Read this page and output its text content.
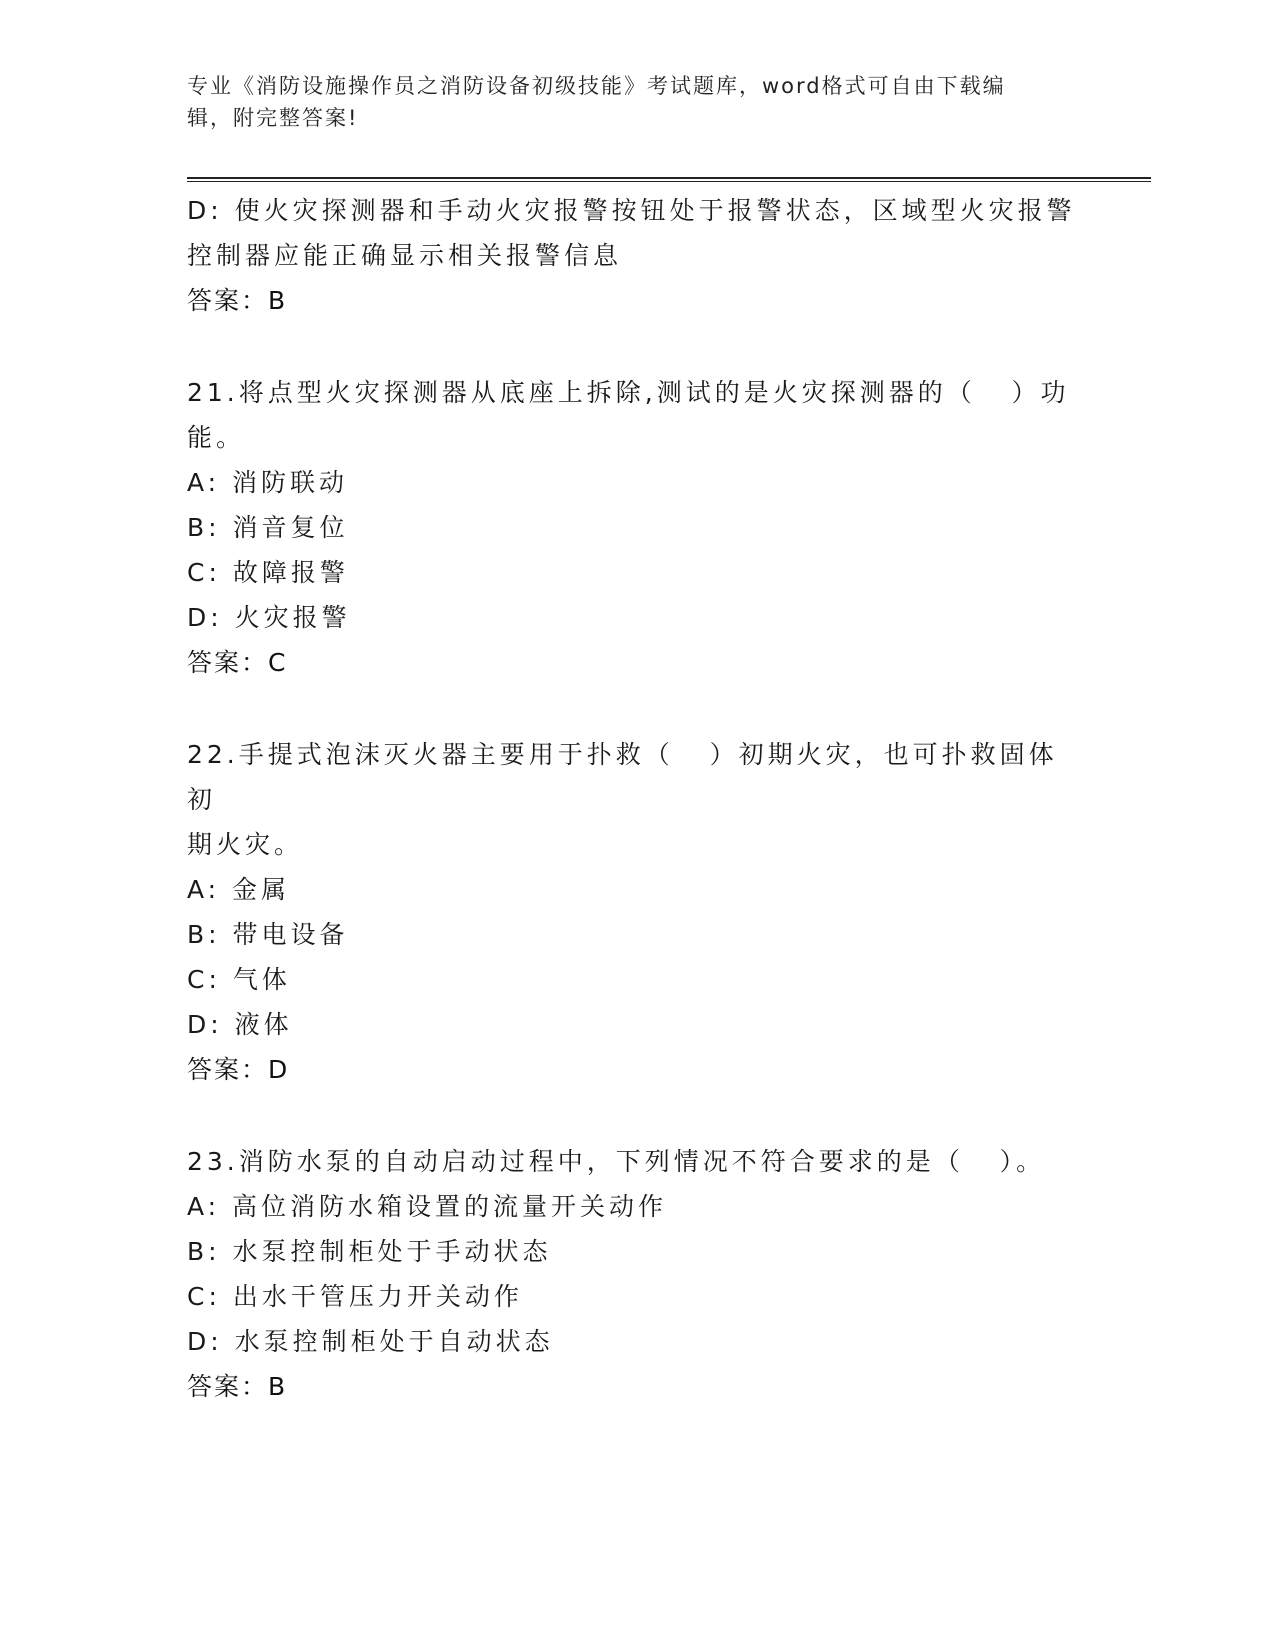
专业《消防设施操作员之消防设备初级技能》考试题库，word格式可自由下载编
辑，附完整答案!
D: 使火灾探测器和手动火灾报警按钮处于报警状态，区域型火灾报警
控制器应能正确显示相关报警信息
答案：B
21.将点型火灾探测器从底座上拆除,测试的是火灾探测器的（   ）功
能。
A: 消防联动
B: 消音复位
C: 故障报警
D: 火灾报警
答案：C
22.手提式泡沫灭火器主要用于扑救（   ）初期火灾，也可扑救固体初
期火灾。
A: 金属
B: 带电设备
C: 气体
D: 液体
答案：D
23.消防水泵的自动启动过程中，下列情况不符合要求的是（   ）。
A: 高位消防水箱设置的流量开关动作
B: 水泵控制柜处于手动状态
C: 出水干管压力开关动作
D: 水泵控制柜处于自动状态
答案：B
